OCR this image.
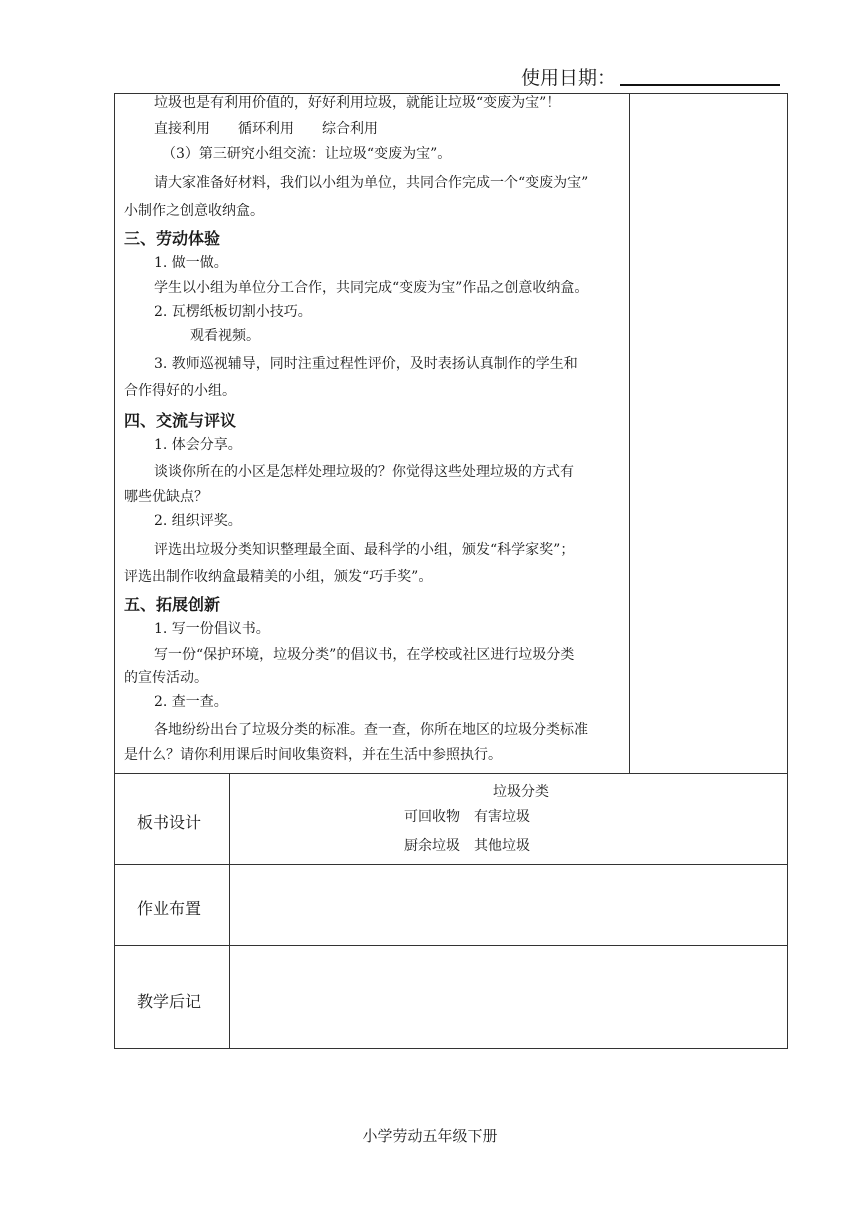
使用日期：
垃圾也是有利用价值的，好好利用垃圾，就能让垃圾“变废为宝”！
直接利用　　循环利用　　综合利用
（3）第三研究小组交流：让垃圾“变废为宝”。
请大家准备好材料，我们以小组为单位，共同合作完成一个“变废为宝”
小制作之创意收纳盒。
三、劳动体验
1. 做一做。
学生以小组为单位分工合作，共同完成“变废为宝”作品之创意收纳盒。
2. 瓦楞纸板切割小技巧。
观看视频。
3. 教师巡视辅导，同时注重过程性评价，及时表扬认真制作的学生和
合作得好的小组。
四、交流与评议
1. 体会分享。
谈谈你所在的小区是怎样处理垃圾的？你觉得这些处理垃圾的方式有
哪些优缺点？
2. 组织评奖。
评选出垃圾分类知识整理最全面、最科学的小组，颁发“科学家奖”；
评选出制作收纳盒最精美的小组，颁发“巧手奖”。
五、拓展创新
1. 写一份倡议书。
写一份“保护环境，垃圾分类”的倡议书，在学校或社区进行垃圾分类
的宣传活动。
2. 查一查。
各地纷纷出台了垃圾分类的标准。查一查，你所在地区的垃圾分类标准
是什么？请你利用课后时间收集资料，并在生活中参照执行。
板书设计
垃圾分类
可回收物　有害垃圾
厨余垃圾　其他垃圾
作业布置
教学后记
小学劳动五年级下册
